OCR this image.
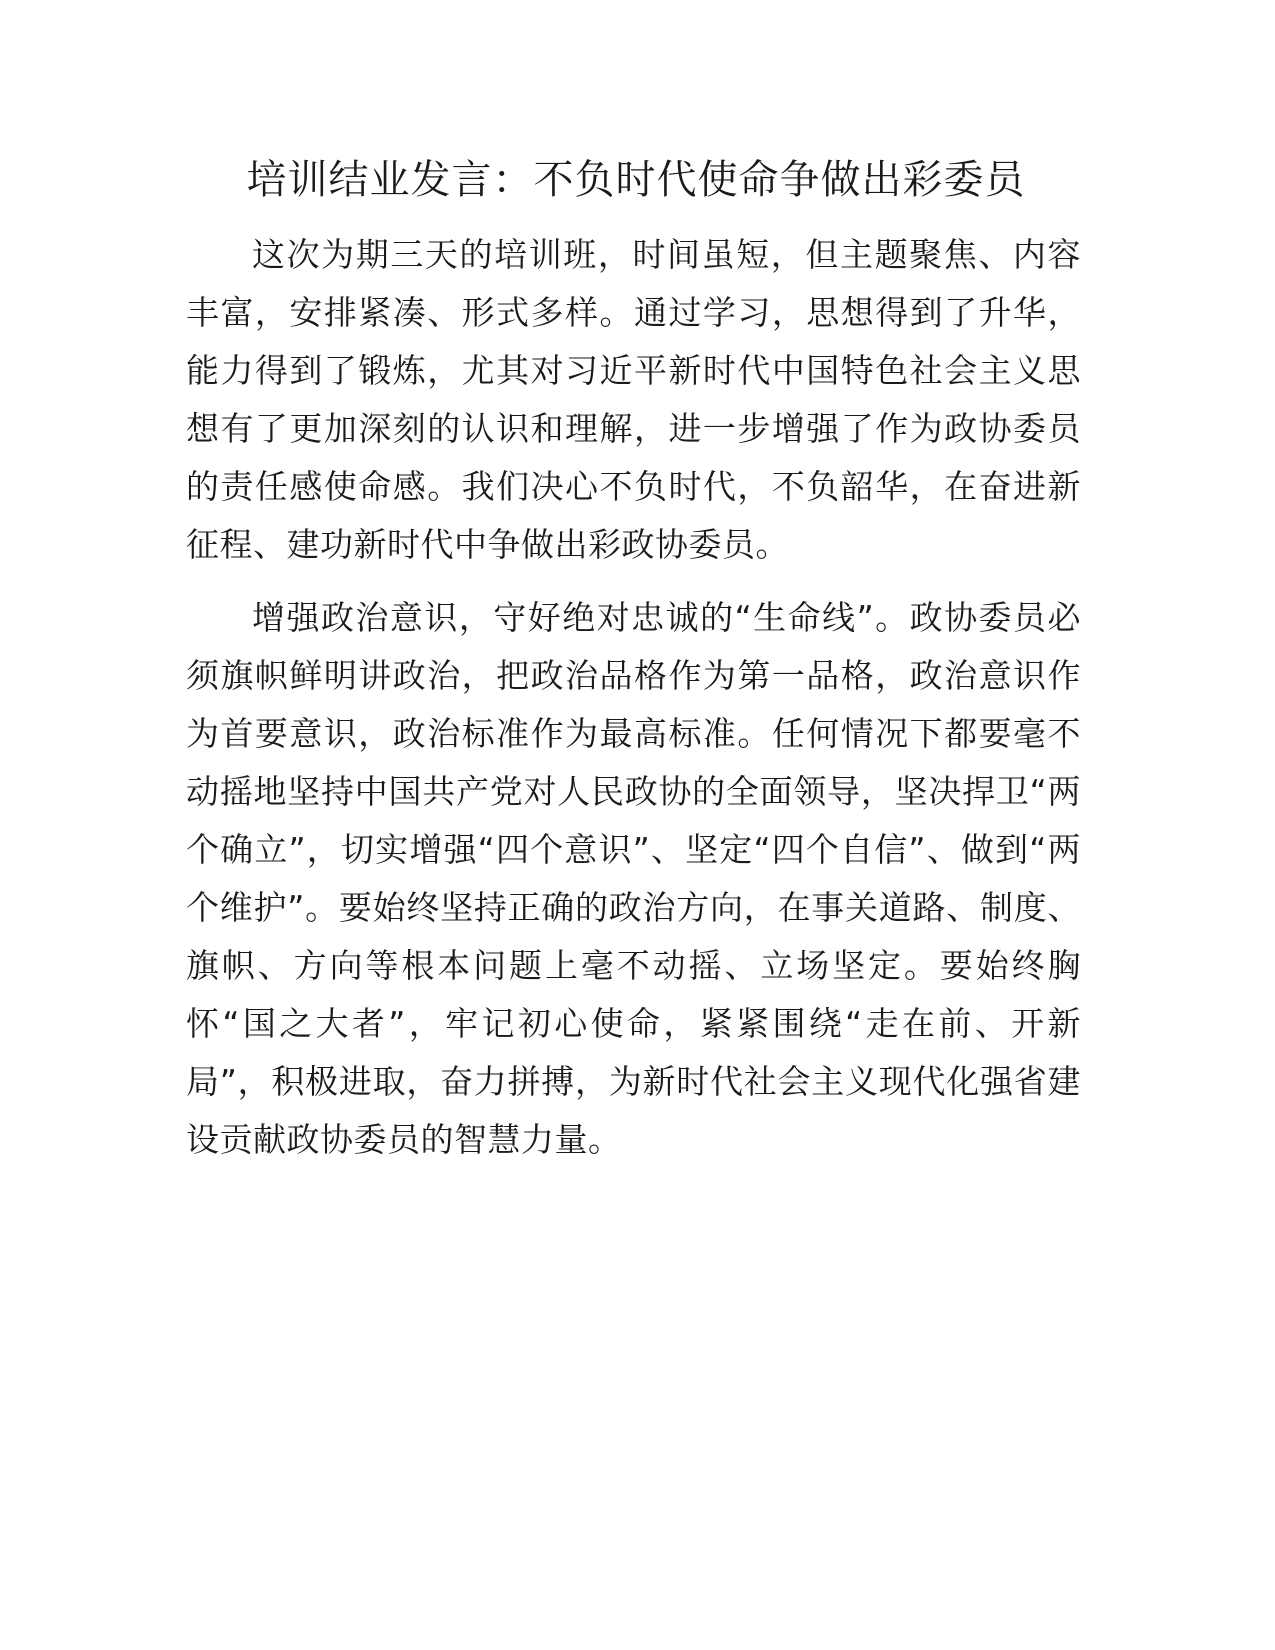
培训结业发言：不负时代使命争做出彩委员

这次为期三天的培训班，时间虽短，但主题聚焦、内容丰富，安排紧凑、形式多样。通过学习，思想得到了升华，能力得到了锻炼，尤其对习近平新时代中国特色社会主义思想有了更加深刻的认识和理解，进一步增强了作为政协委员的责任感使命感。我们决心不负时代，不负韶华，在奋进新征程、建功新时代中争做出彩政协委员。

增强政治意识，守好绝对忠诚的“生命线”。政协委员必须旗帜鲜明讲政治，把政治品格作为第一品格，政治意识作为首要意识，政治标准作为最高标准。任何情况下都要毫不动摇地坚持中国共产党对人民政协的全面领导，坚决捍卫“两个确立”，切实增强“四个意识”、坚定“四个自信”、做到“两个维护”。要始终坚持正确的政治方向，在事关道路、制度、旗帜、方向等根本问题上毫不动摇、立场坚定。要始终胸怀“国之大者”，牢记初心使命，紧紧围绕“走在前、开新局”，积极进取，奋力拼搏，为新时代社会主义现代化强省建设贡献政协委员的智慧力量。
